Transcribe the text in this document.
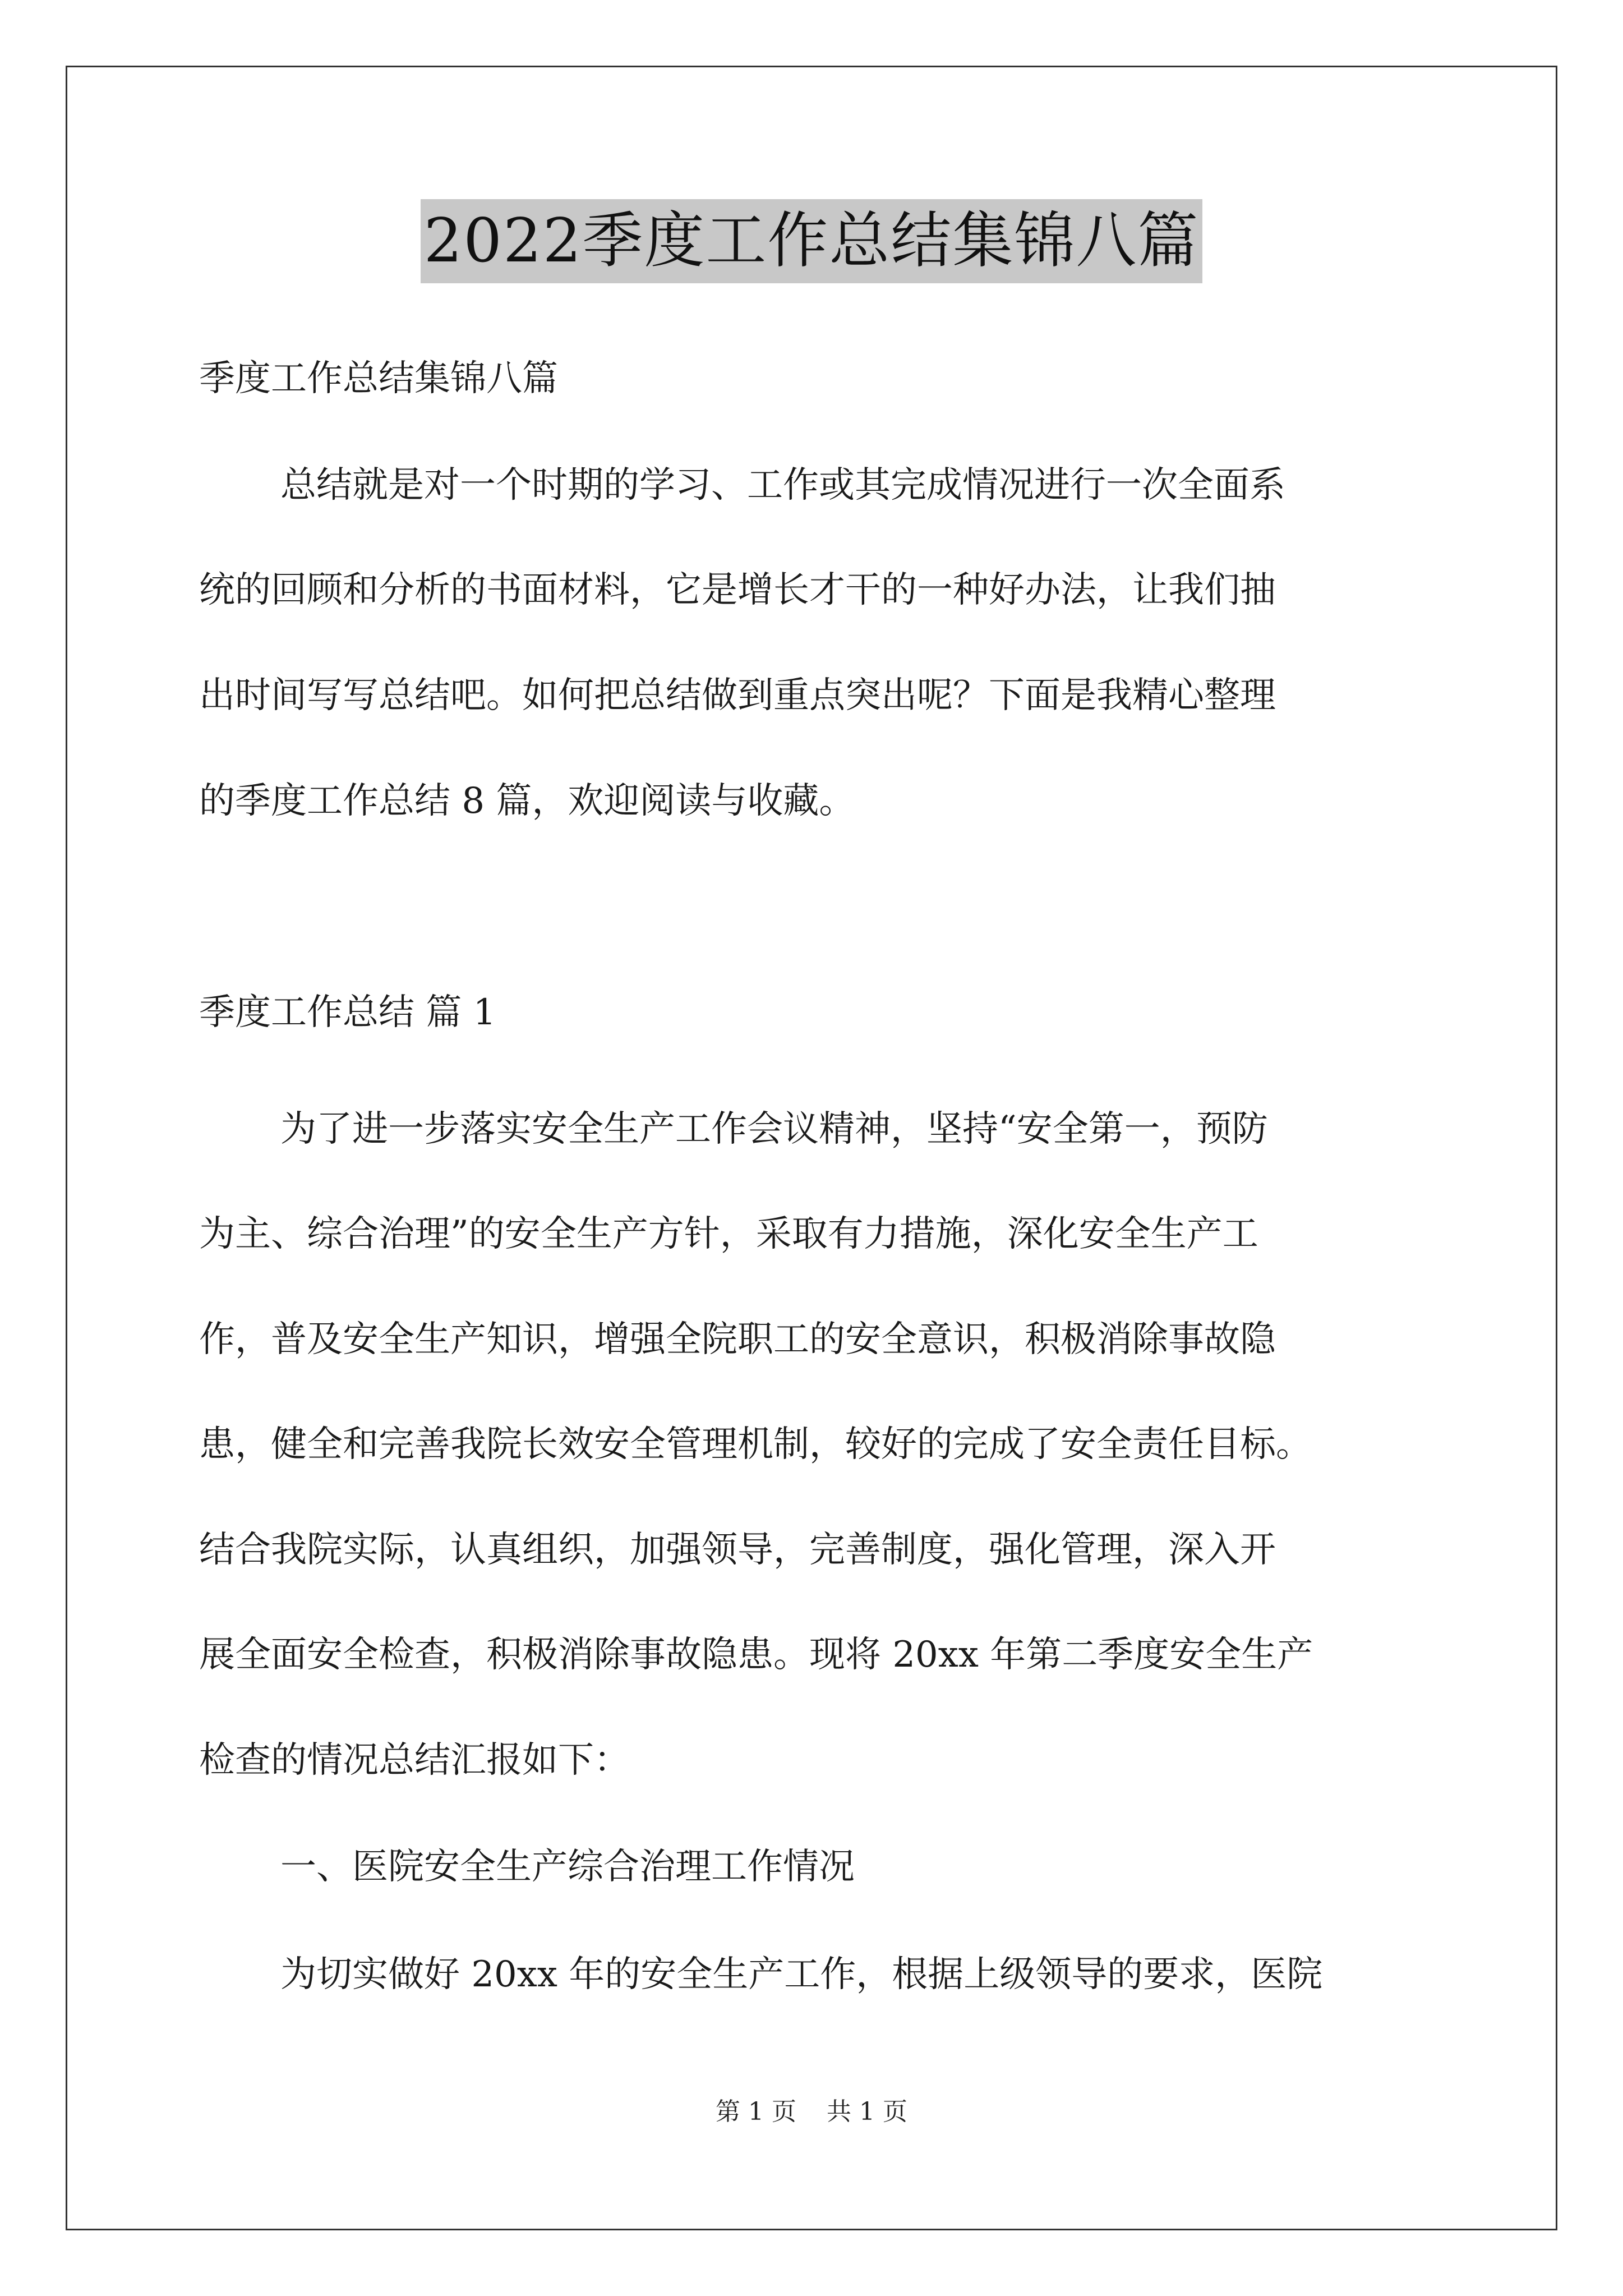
2022季度工作总结集锦八篇
季度工作总结集锦八篇
总结就是对一个时期的学习、工作或其完成情况进行一次全面系
统的回顾和分析的书面材料，它是增长才干的一种好办法，让我们抽
出时间写写总结吧。如何把总结做到重点突出呢？下面是我精心整理
的季度工作总结 8 篇，欢迎阅读与收藏。
季度工作总结 篇 1
为了进一步落实安全生产工作会议精神，坚持“安全第一，预防
为主、综合治理”的安全生产方针，采取有力措施，深化安全生产工
作，普及安全生产知识，增强全院职工的安全意识，积极消除事故隐
患，健全和完善我院长效安全管理机制，较好的完成了安全责任目标。
结合我院实际，认真组织，加强领导，完善制度，强化管理，深入开
展全面安全检查，积极消除事故隐患。现将 20xx 年第二季度安全生产
检查的情况总结汇报如下：
一、医院安全生产综合治理工作情况
为切实做好 20xx 年的安全生产工作，根据上级领导的要求，医院
第 1 页 共 1 页
